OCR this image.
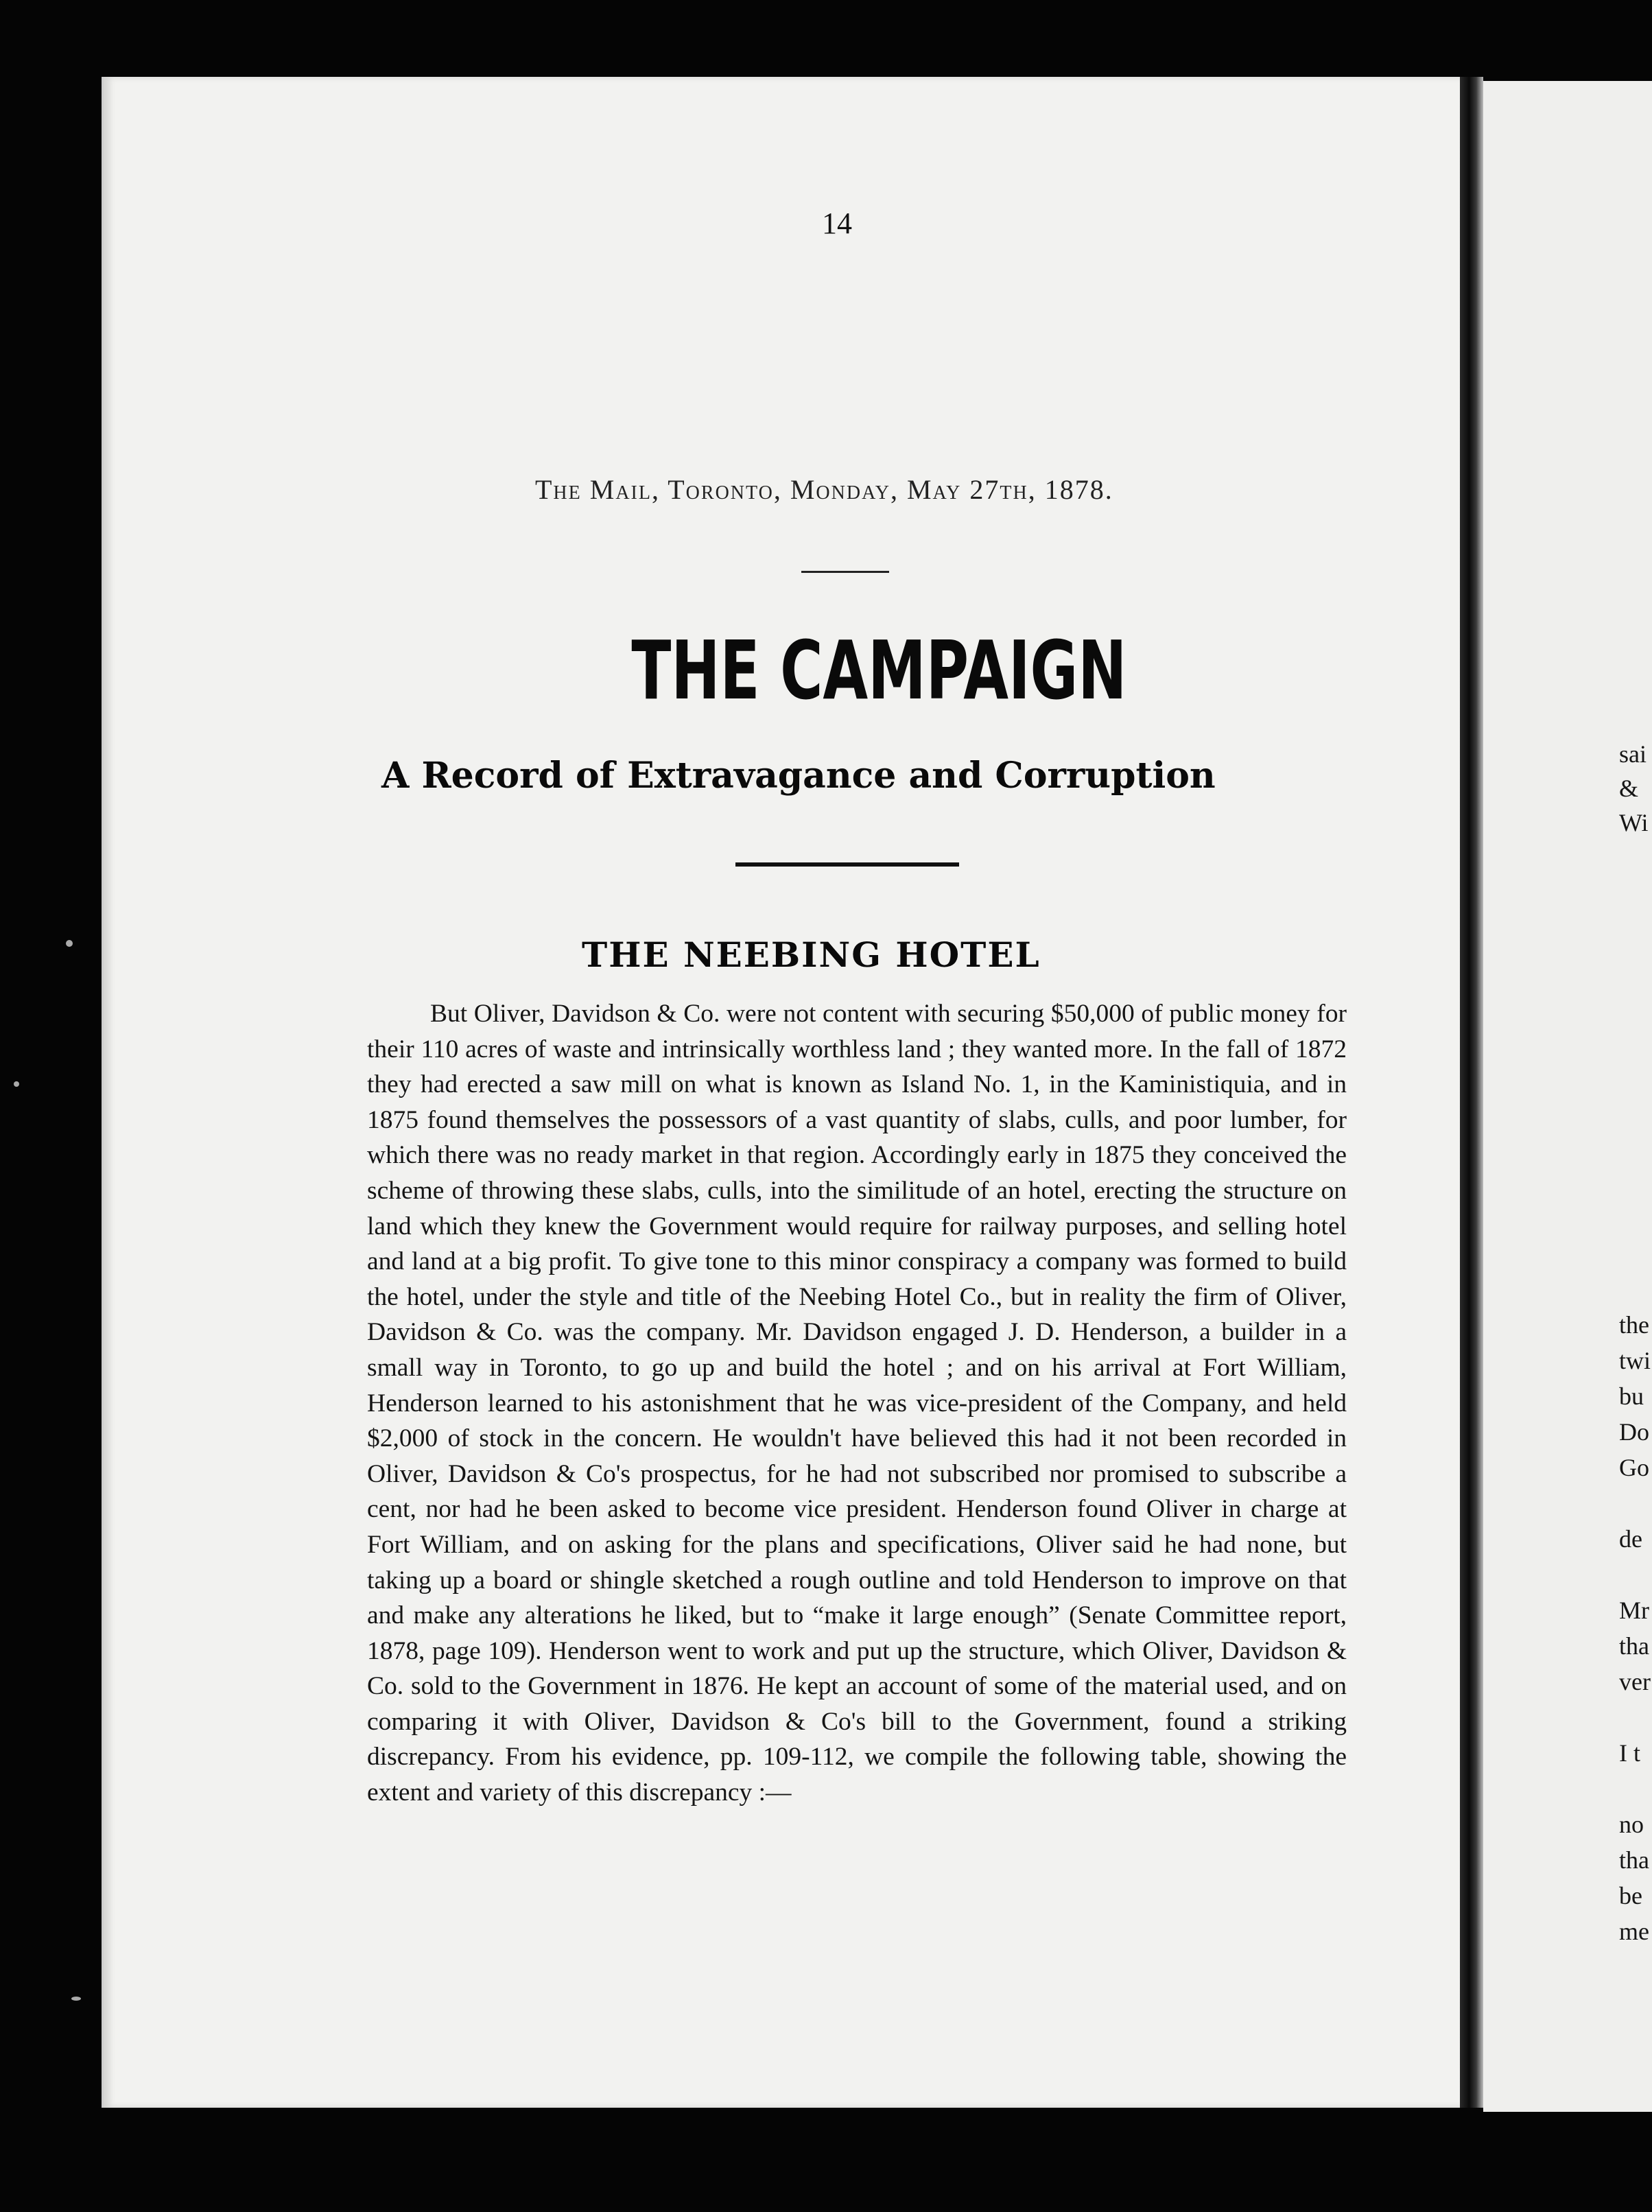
14
The Mail, Toronto, Monday, May 27th, 1878.
THE CAMPAIGN
A Record of Extravagance and Corruption
THE NEEBING HOTEL
But Oliver, Davidson & Co. were not content with securing $50,000 of public money for their 110 acres of waste and intrinsically worthless land ; they wanted more. In the fall of 1872 they had erected a saw mill on what is known as Island No. 1, in the Kaministiquia, and in 1875 found themselves the possessors of a vast quantity of slabs, culls, and poor lumber, for which there was no ready market in that region. Accordingly early in 1875 they conceived the scheme of throwing these slabs, culls, into the similitude of an hotel, erecting the structure on land which they knew the Government would require for railway purposes, and selling hotel and land at a big profit. To give tone to this minor conspiracy a company was formed to build the hotel, under the style and title of the Neebing Hotel Co., but in reality the firm of Oliver, Davidson & Co. was the company. Mr. Davidson engaged J. D. Henderson, a builder in a small way in Toronto, to go up and build the hotel ; and on his arrival at Fort William, Henderson learned to his astonishment that he was vice-president of the Company, and held $2,000 of stock in the concern. He wouldn't have believed this had it not been recorded in Oliver, Davidson & Co's prospectus, for he had not subscribed nor promised to subscribe a cent, nor had he been asked to become vice president. Henderson found Oliver in charge at Fort William, and on asking for the plans and specifications, Oliver said he had none, but taking up a board or shingle sketched a rough outline and told Henderson to improve on that and make any alterations he liked, but to “make it large enough” (Senate Committee report, 1878, page 109). Henderson went to work and put up the structure, which Oliver, Davidson & Co. sold to the Government in 1876. He kept an account of some of the material used, and on comparing it with Oliver, Davidson & Co's bill to the Government, found a striking discrepancy. From his evidence, pp. 109-112, we compile the following table, showing the extent and variety of this discrepancy :—
sai
&
Wi
the
twi
bu
Do
Go
de
Mr
tha
ver
I t
no
tha
be
me
